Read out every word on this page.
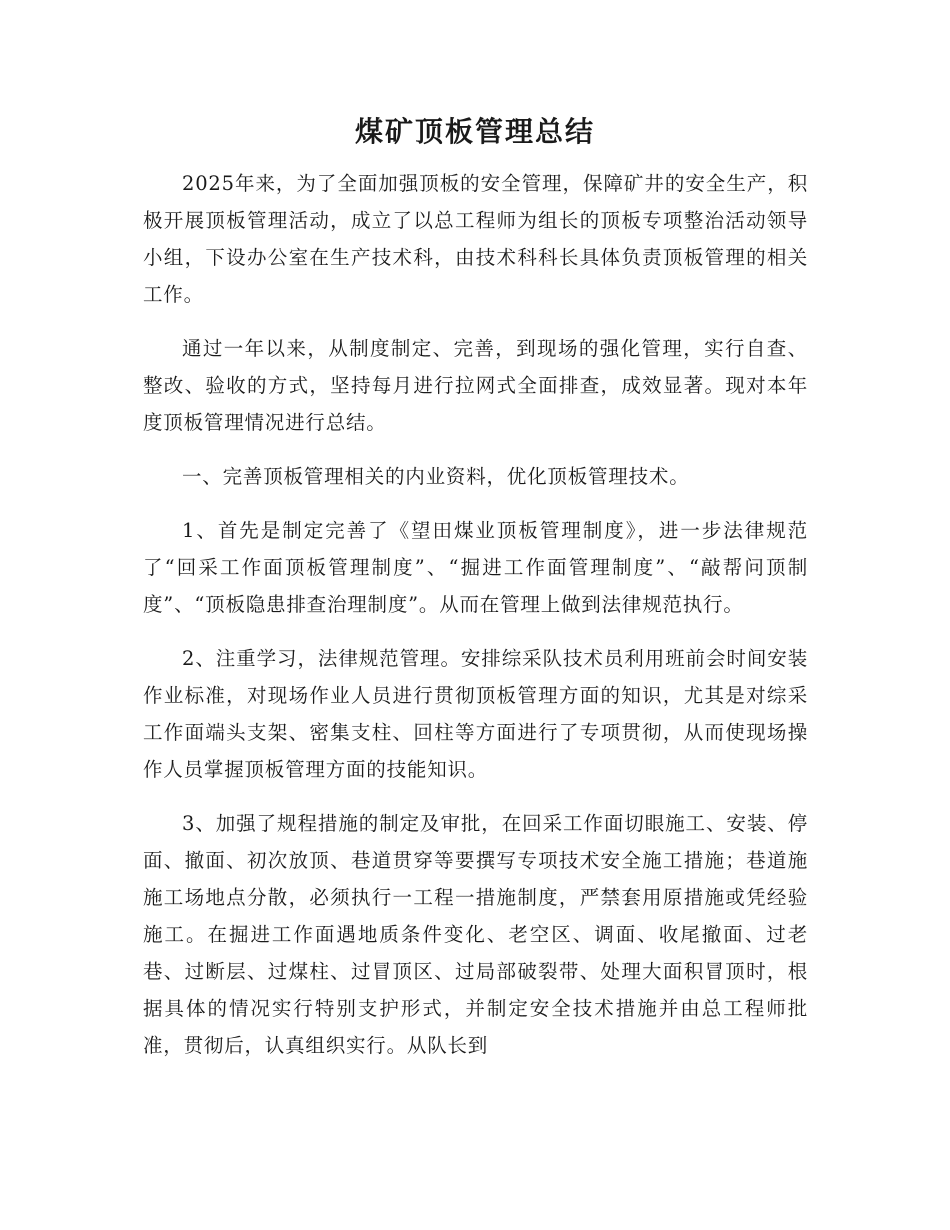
煤矿顶板管理总结

2025年来，为了全面加强顶板的安全管理，保障矿井的安全生产，积极开展顶板管理活动，成立了以总工程师为组长的顶板专项整治活动领导小组，下设办公室在生产技术科，由技术科科长具体负责顶板管理的相关工作。

通过一年以来，从制度制定、完善，到现场的强化管理，实行自查、整改、验收的方式，坚持每月进行拉网式全面排查，成效显著。现对本年度顶板管理情况进行总结。

一、完善顶板管理相关的内业资料，优化顶板管理技术。

1、首先是制定完善了《望田煤业顶板管理制度》，进一步法律规范了“回采工作面顶板管理制度”、“掘进工作面管理制度”、“敲帮问顶制度”、“顶板隐患排查治理制度”。从而在管理上做到法律规范执行。

2、注重学习，法律规范管理。安排综采队技术员利用班前会时间安装作业标准，对现场作业人员进行贯彻顶板管理方面的知识，尤其是对综采工作面端头支架、密集支柱、回柱等方面进行了专项贯彻，从而使现场操作人员掌握顶板管理方面的技能知识。

3、加强了规程措施的制定及审批，在回采工作面切眼施工、安装、停面、撤面、初次放顶、巷道贯穿等要撰写专项技术安全施工措施；巷道施施工场地点分散，必须执行一工程一措施制度，严禁套用原措施或凭经验施工。在掘进工作面遇地质条件变化、老空区、调面、收尾撤面、过老巷、过断层、过煤柱、过冒顶区、过局部破裂带、处理大面积冒顶时，根据具体的情况实行特别支护形式，并制定安全技术措施并由总工程师批准，贯彻后，认真组织实行。从队长到
